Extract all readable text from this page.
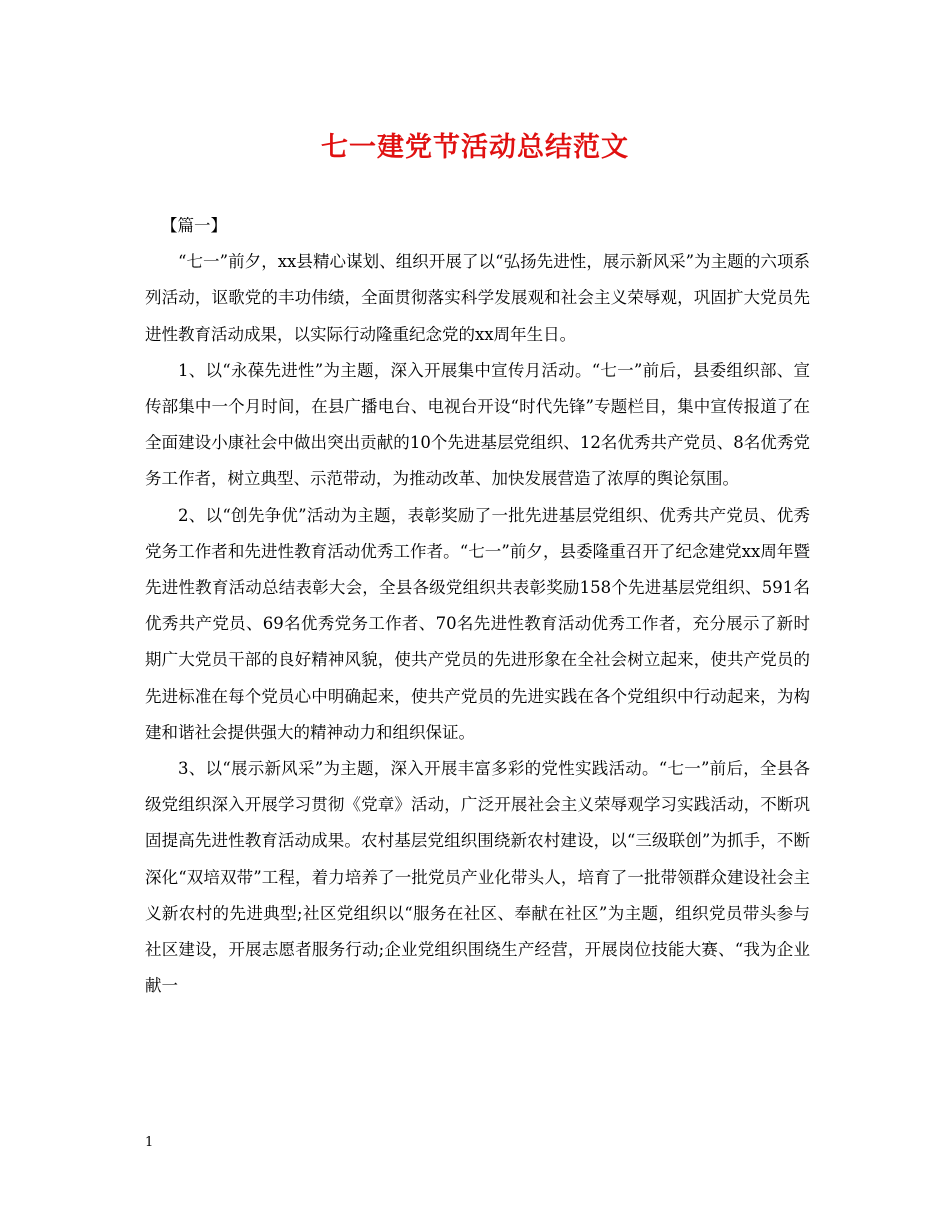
七一建党节活动总结范文

【篇一】

“七一”前夕，xx县精心谋划、组织开展了以“弘扬先进性，展示新风采”为主题的六项系列活动，讴歌党的丰功伟绩，全面贯彻落实科学发展观和社会主义荣辱观，巩固扩大党员先进性教育活动成果，以实际行动隆重纪念党的xx周年生日。

1、以“永葆先进性”为主题，深入开展集中宣传月活动。“七一”前后，县委组织部、宣传部集中一个月时间，在县广播电台、电视台开设“时代先锋”专题栏目，集中宣传报道了在全面建设小康社会中做出突出贡献的10个先进基层党组织、12名优秀共产党员、8名优秀党务工作者，树立典型、示范带动，为推动改革、加快发展营造了浓厚的舆论氛围。

2、以“创先争优”活动为主题，表彰奖励了一批先进基层党组织、优秀共产党员、优秀党务工作者和先进性教育活动优秀工作者。“七一”前夕，县委隆重召开了纪念建党xx周年暨先进性教育活动总结表彰大会，全县各级党组织共表彰奖励158个先进基层党组织、591名优秀共产党员、69名优秀党务工作者、70名先进性教育活动优秀工作者，充分展示了新时期广大党员干部的良好精神风貌，使共产党员的先进形象在全社会树立起来，使共产党员的先进标准在每个党员心中明确起来，使共产党员的先进实践在各个党组织中行动起来，为构建和谐社会提供强大的精神动力和组织保证。

3、以“展示新风采”为主题，深入开展丰富多彩的党性实践活动。“七一”前后，全县各级党组织深入开展学习贯彻《党章》活动，广泛开展社会主义荣辱观学习实践活动，不断巩固提高先进性教育活动成果。农村基层党组织围绕新农村建设，以“三级联创”为抓手，不断深化“双培双带”工程，着力培养了一批党员产业化带头人，培育了一批带领群众建设社会主义新农村的先进典型;社区党组织以“服务在社区、奉献在社区”为主题，组织党员带头参与社区建设，开展志愿者服务行动;企业党组织围绕生产经营，开展岗位技能大赛、“我为企业献一

1
